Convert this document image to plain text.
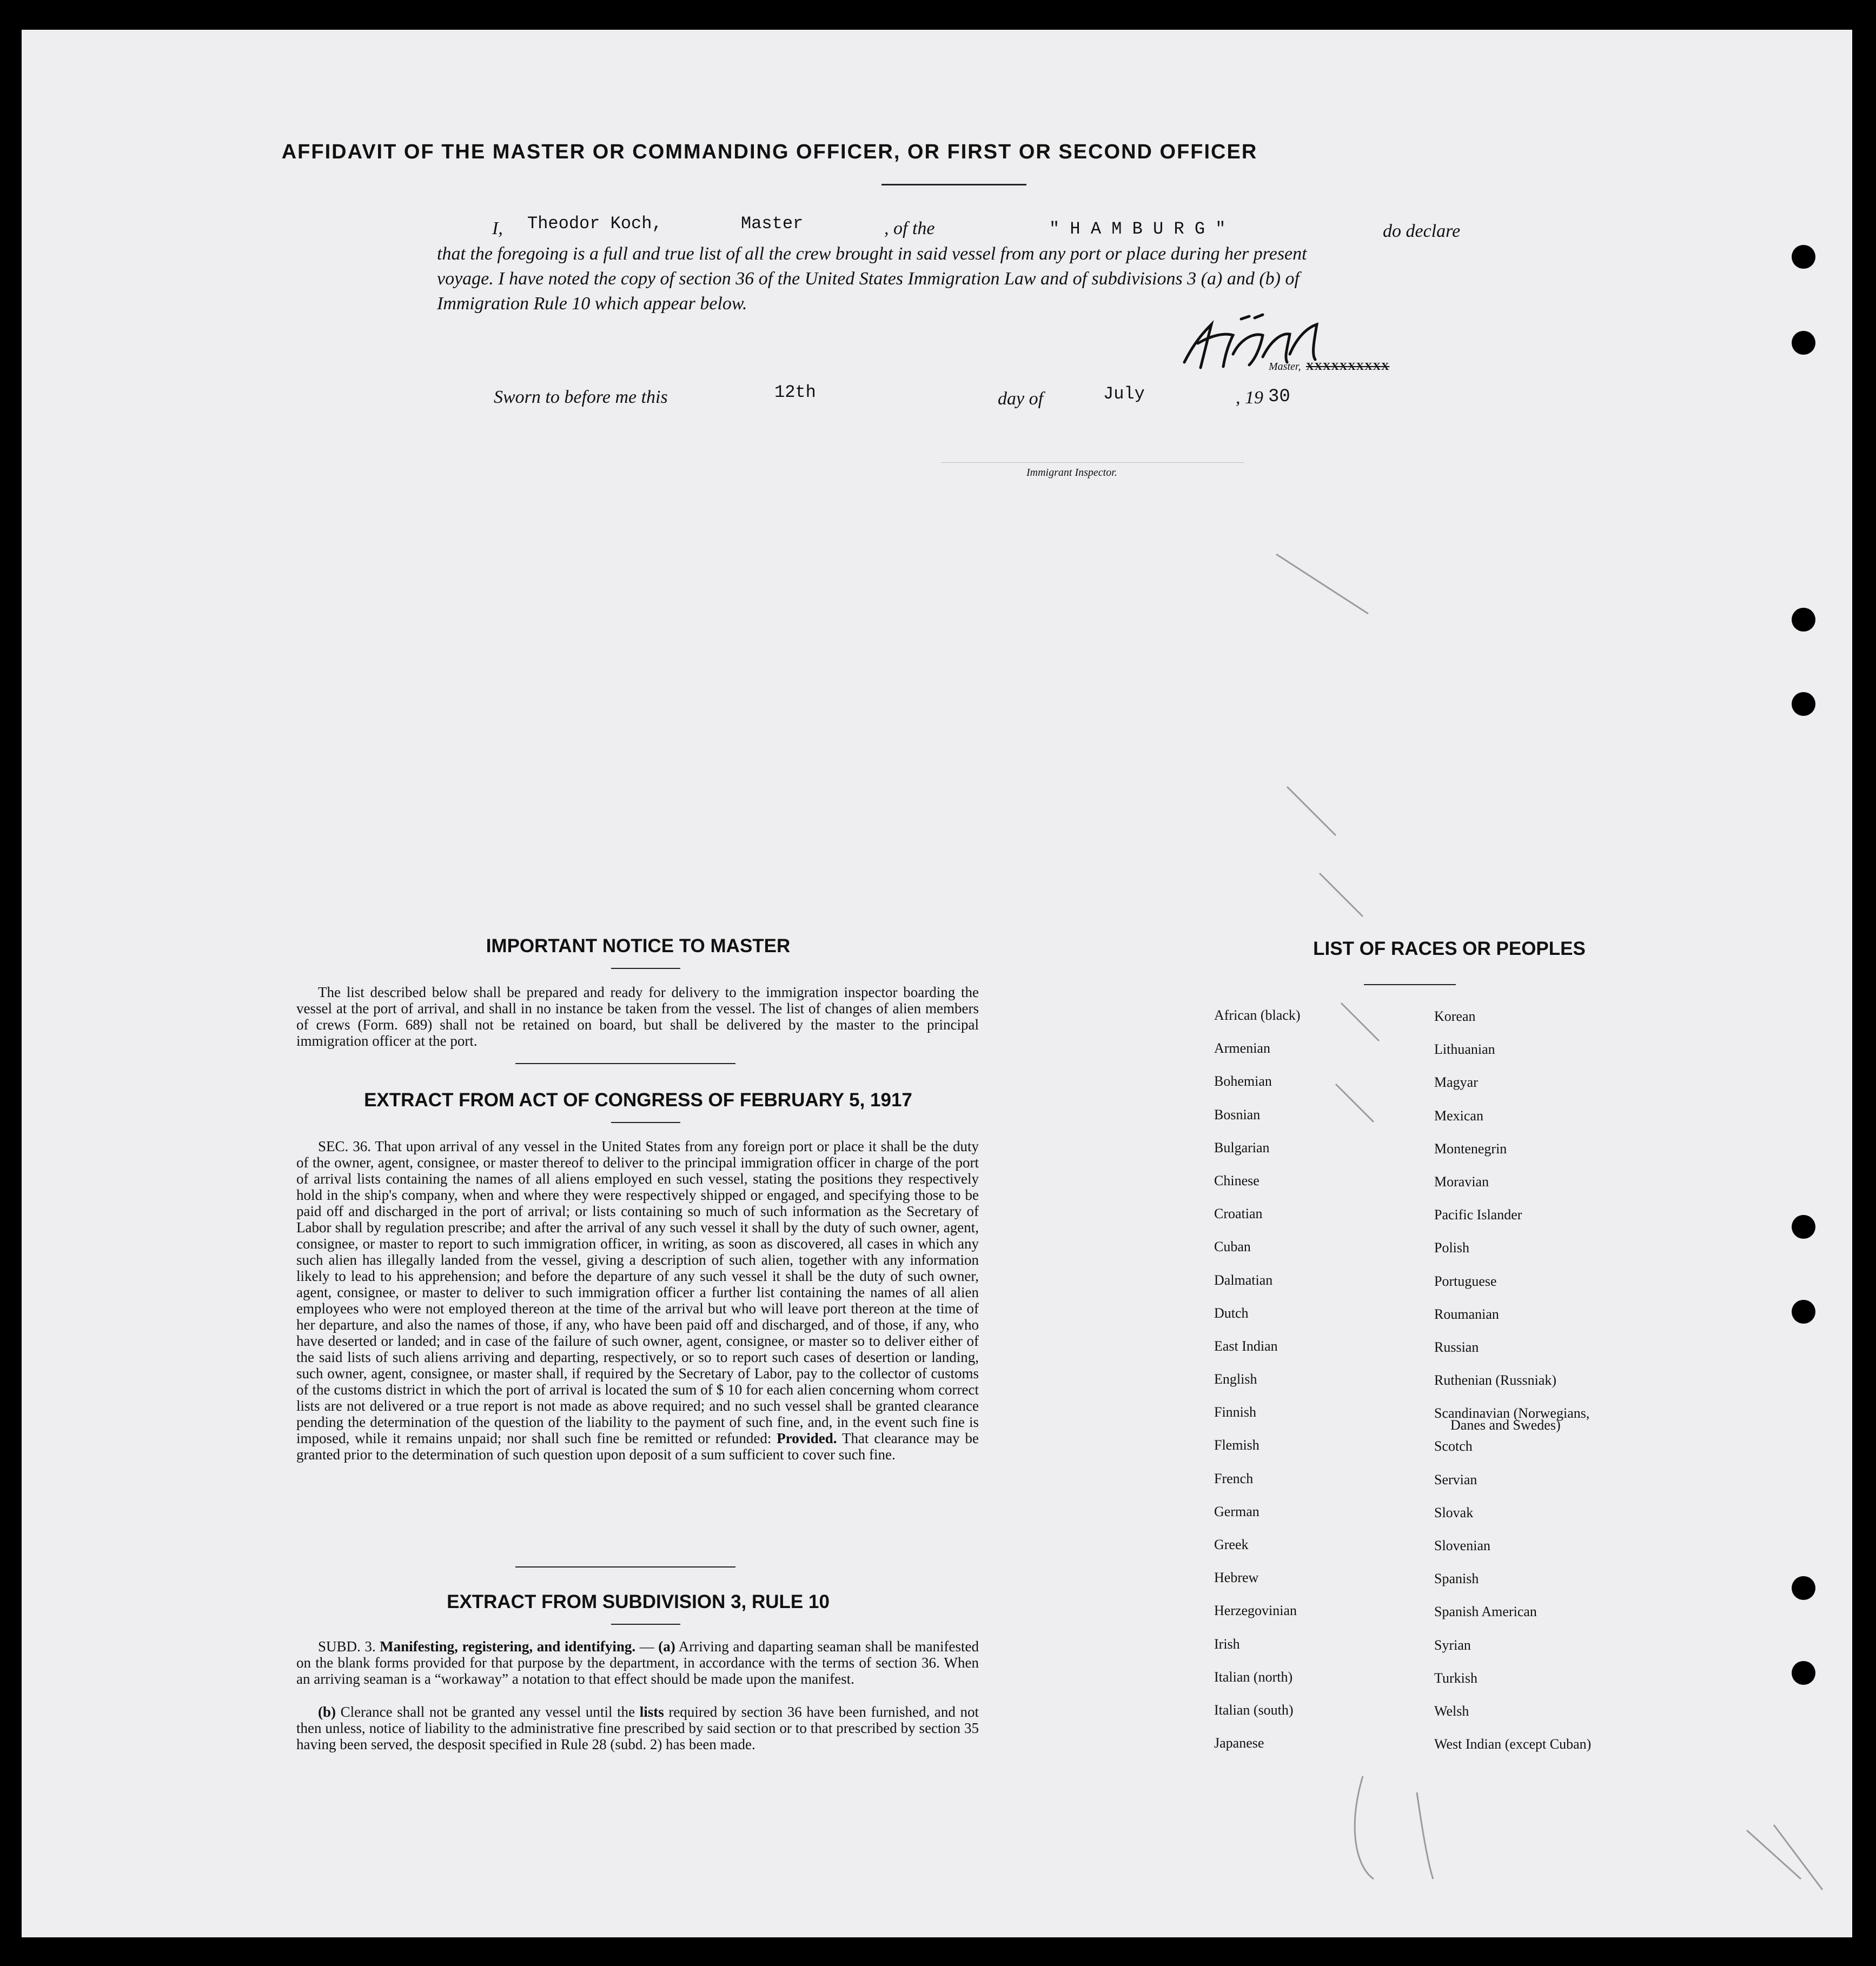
AFFIDAVIT OF THE MASTER OR COMMANDING OFFICER, OR FIRST OR SECOND OFFICER
I, Theodor Koch,	Master	, of the	" H A M B U R G "	do declare
that the foregoing is a full and true list of all the crew brought in said vessel from any port or place during her present
voyage. I have noted the copy of section 36 of the United States Immigration Law and of subdivisions 3 (a) and (b) of
Immigration Rule 10 which appear below.
Master, XXXXXXXXXX
Sworn to before me this	12th	day of	July	, 19 30
Immigrant Inspector.
IMPORTANT NOTICE TO MASTER
The list described below shall be prepared and ready for delivery to the immigration inspector boarding the vessel at the port of arrival, and shall in no instance be taken from the vessel. The list of changes of alien members of crews (Form. 689) shall not be retained on board, but shall be delivered by the master to the principal immigration officer at the port.
EXTRACT FROM ACT OF CONGRESS OF FEBRUARY 5, 1917
SEC. 36. That upon arrival of any vessel in the United States from any foreign port or place it shall be the duty of the owner, agent, consignee, or master thereof to deliver to the principal immigration officer in charge of the port of arrival lists containing the names of all aliens employed en such vessel, stating the positions they respectively hold in the ship's company, when and where they were respectively shipped or engaged, and specifying those to be paid off and discharged in the port of arrival; or lists containing so much of such information as the Secretary of Labor shall by regulation prescribe; and after the arrival of any such vessel it shall by the duty of such owner, agent, consignee, or master to report to such immigration officer, in writing, as soon as discovered, all cases in which any such alien has illegally landed from the vessel, giving a description of such alien, together with any information likely to lead to his apprehension; and before the departure of any such vessel it shall be the duty of such owner, agent, consignee, or master to deliver to such immigration officer a further list containing the names of all alien employees who were not employed thereon at the time of the arrival but who will leave port thereon at the time of her departure, and also the names of those, if any, who have been paid off and discharged, and of those, if any, who have deserted or landed; and in case of the failure of such owner, agent, consignee, or master so to deliver either of the said lists of such aliens arriving and departing, respectively, or so to report such cases of desertion or landing, such owner, agent, consignee, or master shall, if required by the Secretary of Labor, pay to the collector of customs of the customs district in which the port of arrival is located the sum of $ 10 for each alien concerning whom correct lists are not delivered or a true report is not made as above required; and no such vessel shall be granted clearance pending the determination of the question of the liability to the payment of such fine, and, in the event such fine is imposed, while it remains unpaid; nor shall such fine be remitted or refunded: Provided. That clearance may be granted prior to the determination of such question upon deposit of a sum sufficient to cover such fine.
EXTRACT FROM SUBDIVISION 3, RULE 10
SUBD. 3. Manifesting, registering, and identifying. — (a) Arriving and daparting seaman shall be manifested on the blank forms provided for that purpose by the department, in accordance with the terms of section 36. When an arriving seaman is a “workaway” a notation to that effect should be made upon the manifest.
(b) Clerance shall not be granted any vessel until the lists required by section 36 have been furnished, and not then unless, notice of liability to the administrative fine prescribed by said section or to that prescribed by section 35 having been served, the desposit specified in Rule 28 (subd. 2) has been made.
LIST OF RACES OR PEOPLES
African (black)
Armenian
Bohemian
Bosnian
Bulgarian
Chinese
Croatian
Cuban
Dalmatian
Dutch
East Indian
English
Finnish
Flemish
French
German
Greek
Hebrew
Herzegovinian
Irish
Italian (north)
Italian (south)
Japanese
Korean
Lithuanian
Magyar
Mexican
Montenegrin
Moravian
Pacific Islander
Polish
Portuguese
Roumanian
Russian
Ruthenian (Russniak)
Scandinavian (Norwegians,
Scotch
Servian
Slovak
Slovenian
Spanish
Spanish American
Syrian
Turkish
Welsh
West Indian (except Cuban)
Danes and Swedes)
